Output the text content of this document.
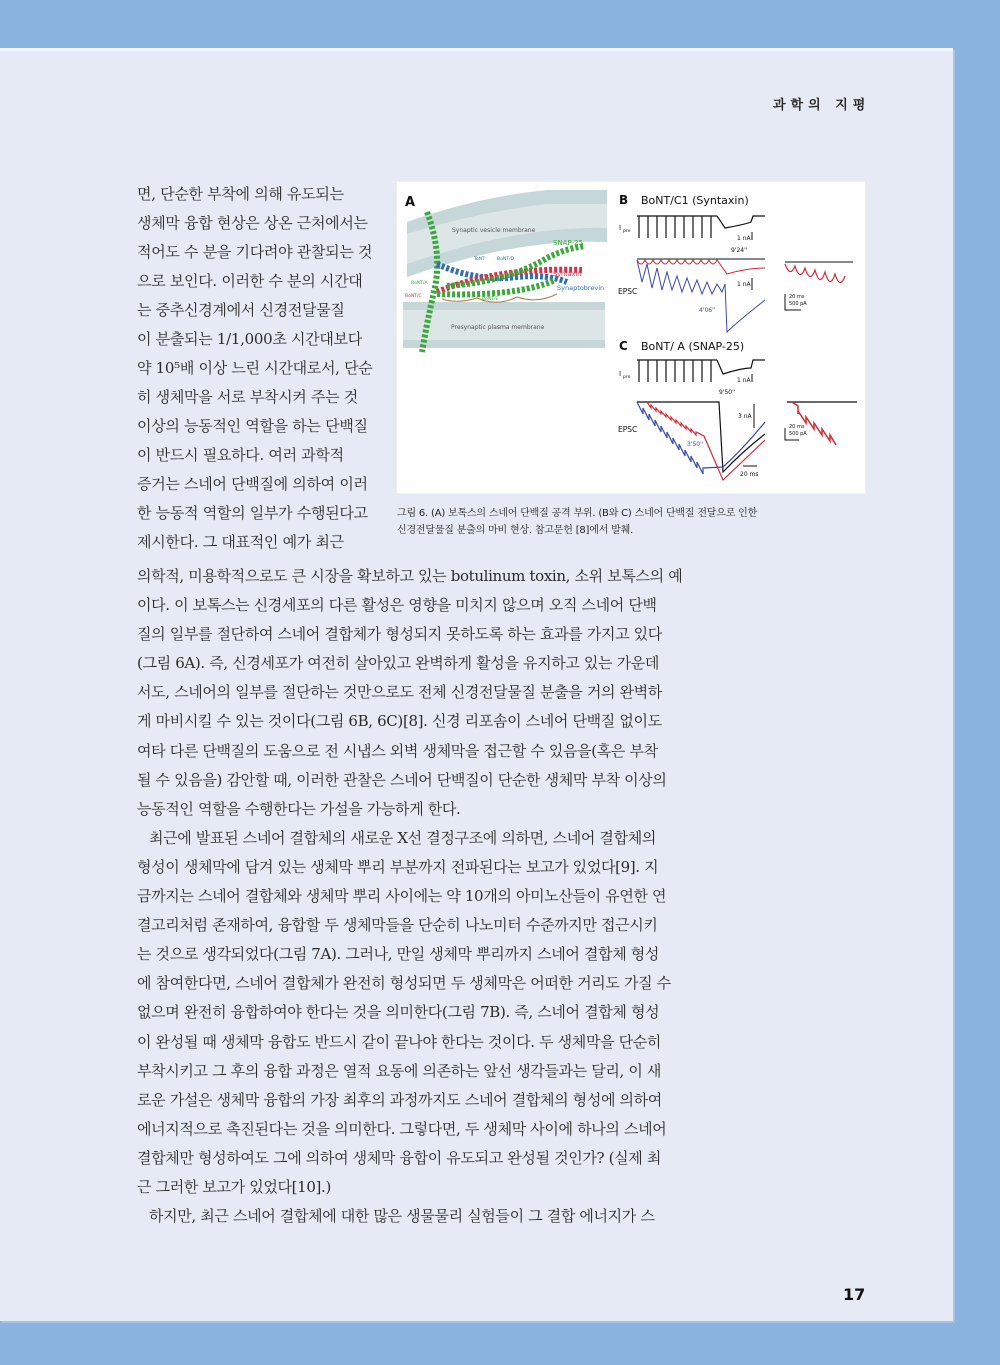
과학의 지평
면, 단순한 부착에 의해 유도되는
생체막 융합 현상은 상온 근처에서는
적어도 수 분을 기다려야 관찰되는 것
으로 보인다. 이러한 수 분의 시간대
는 중추신경계에서 신경전달물질
이 분출되는 1/1,000초 시간대보다
약 10⁵배 이상 느린 시간대로서, 단순
히 생체막을 서로 부착시켜 주는 것
이상의 능동적인 역할을 하는 단백질
이 반드시 필요하다. 여러 과학적
증거는 스네어 단백질에 의하여 이러
한 능동적 역할의 일부가 수행된다고
제시한다. 그 대표적인 예가 최근
A
Synaptic vesicle membrane
Presynaptic plasma membrane
SNAP-25
Syntaxin
Synaptobrevin
TeNT	BoNT/D
BoNT/A
BoNT/C
BoNT/E
B BoNT/C1 (Syntaxin)
I pre
1 nA
9'24''
EPSC
1 nA
4'06''
20 ms
500 pA
C BoNT/ A (SNAP-25)
I pre	1 nA
9'50''
EPSC
3 nA
3'50''
20 ms
20 ms
500 pA
그림 6. (A) 보톡스의 스네어 단백질 공격 부위. (B와 C) 스네어 단백질 전달으로 인한
신경전달물질 분출의 마비 현상. 참고문헌 [8]에서 발췌.
의학적, 미용학적으로도 큰 시장을 확보하고 있는 botulinum toxin, 소위 보톡스의 예
이다. 이 보톡스는 신경세포의 다른 활성은 영향을 미치지 않으며 오직 스네어 단백
질의 일부를 절단하여 스네어 결합체가 형성되지 못하도록 하는 효과를 가지고 있다
(그림 6A). 즉, 신경세포가 여전히 살아있고 완벽하게 활성을 유지하고 있는 가운데
서도, 스네어의 일부를 절단하는 것만으로도 전체 신경전달물질 분출을 거의 완벽하
게 마비시킬 수 있는 것이다(그림 6B, 6C)[8]. 신경 리포솜이 스네어 단백질 없이도
여타 다른 단백질의 도움으로 전 시냅스 외벽 생체막을 접근할 수 있음을(혹은 부착
될 수 있음을) 감안할 때, 이러한 관찰은 스네어 단백질이 단순한 생체막 부착 이상의
능동적인 역할을 수행한다는 가설을 가능하게 한다.
최근에 발표된 스네어 결합체의 새로운 X선 결정구조에 의하면, 스네어 결합체의
형성이 생체막에 담겨 있는 생체막 뿌리 부분까지 전파된다는 보고가 있었다[9]. 지
금까지는 스네어 결합체와 생체막 뿌리 사이에는 약 10개의 아미노산들이 유연한 연
결고리처럼 존재하여, 융합할 두 생체막들을 단순히 나노미터 수준까지만 접근시키
는 것으로 생각되었다(그림 7A). 그러나, 만일 생체막 뿌리까지 스네어 결합체 형성
에 참여한다면, 스네어 결합체가 완전히 형성되면 두 생체막은 어떠한 거리도 가질 수
없으며 완전히 융합하여야 한다는 것을 의미한다(그림 7B). 즉, 스네어 결합체 형성
이 완성될 때 생체막 융합도 반드시 같이 끝나야 한다는 것이다. 두 생체막을 단순히
부착시키고 그 후의 융합 과정은 열적 요동에 의존하는 앞선 생각들과는 달리, 이 새
로운 가설은 생체막 융합의 가장 최후의 과정까지도 스네어 결합체의 형성에 의하여
에너지적으로 촉진된다는 것을 의미한다. 그렇다면, 두 생체막 사이에 하나의 스네어
결합체만 형성하여도 그에 의하여 생체막 융합이 유도되고 완성될 것인가? (실제 최
근 그러한 보고가 있었다[10].)
하지만, 최근 스네어 결합체에 대한 많은 생물물리 실험들이 그 결합 에너지가 스
17
